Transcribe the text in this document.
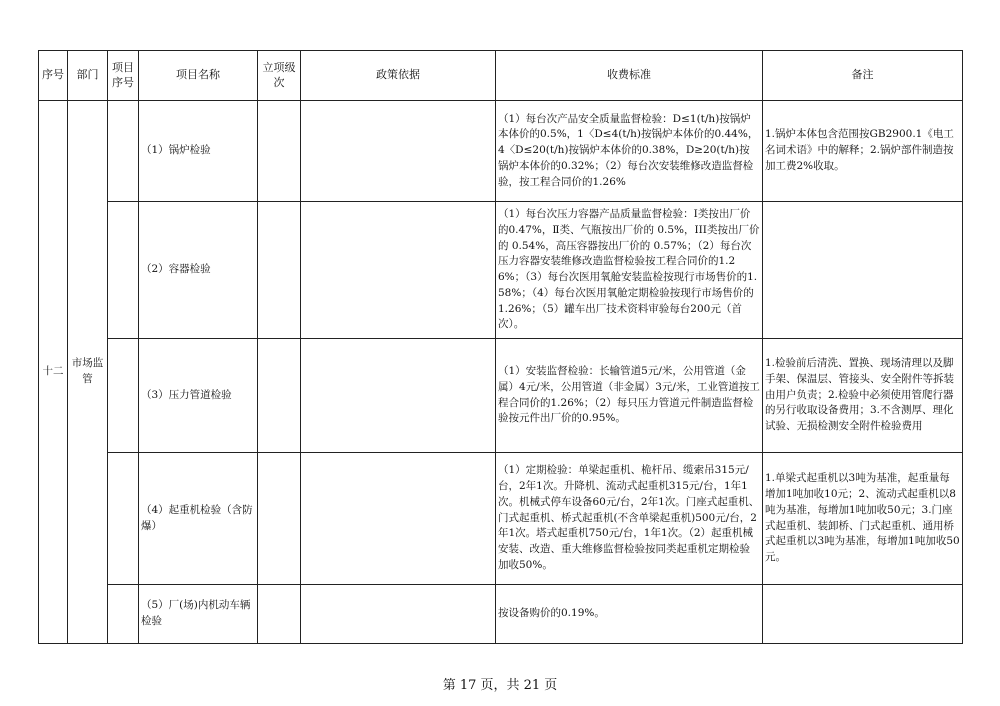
序号	部门	项目序号	项目名称	立项级次	政策依据	收费标准	备注
十二	市场监管		（1）锅炉检验			（1）每台次产品安全质量监督检验：D≤1(t/h)按锅炉本体价的0.5%，1〈D≤4(t/h)按锅炉本体价的0.44%，4〈D≤20(t/h)按锅炉本体价的0.38%，D≥20(t/h)按锅炉本体价的0.32%；（2）每台次安装维修改造监督检验，按工程合同价的1.26%	1.锅炉本体包含范围按GB2900.1《电工名词术语》中的解释；2.锅炉部件制造按加工费2%收取。
			（2）容器检验			（1）每台次压力容器产品质量监督检验：I类按出厂价的0.47%，Ⅱ类、气瓶按出厂价的 0.5%，III类按出厂价的 0.54%，高压容器按出厂价的 0.57%；（2）每台次压力容器安装维修改造监督检验按工程合同价的1.26%；（3）每台次医用氧舱安装监检按现行市场售价的1.58%；（4）每台次医用氧舱定期检验按现行市场售价的1.26%；（5）罐车出厂技术资料审验每台200元（首次）。	
			（3）压力管道检验			（1）安装监督检验：长输管道5元/米，公用管道（金属）4元/米，公用管道（非金属）3元/米，工业管道按工程合同价的1.26%；（2）每只压力管道元件制造监督检验按元件出厂价的0.95%。	1.检验前后清洗、置换、现场清理以及脚手架、保温层、管接头、安全附件等拆装由用户负责；2.检验中必须使用管爬行器的另行收取设备费用；3.不含测厚、理化试验、无损检测安全附件检验费用
			（4）起重机检验（含防爆）			（1）定期检验：单梁起重机、桅杆吊、缆索吊315元/台，2年1次。升降机、流动式起重机315元/台，1年1次。机械式停车设备60元/台，2年1次。门座式起重机、门式起重机、桥式起重机(不含单梁起重机)500元/台，2年1次。塔式起重机750元/台，1年1次。（2）起重机械安装、改造、重大维修监督检验按同类起重机定期检验加收50%。	1.单梁式起重机以3吨为基准，起重量每增加1吨加收10元；2、流动式起重机以8吨为基准，每增加1吨加收50元；3.门座式起重机、装卸桥、门式起重机、通用桥式起重机以3吨为基准，每增加1吨加收50元。
			（5）厂(场)内机动车辆检验			按设备购价的0.19%。	
第 17 页，共 21 页
